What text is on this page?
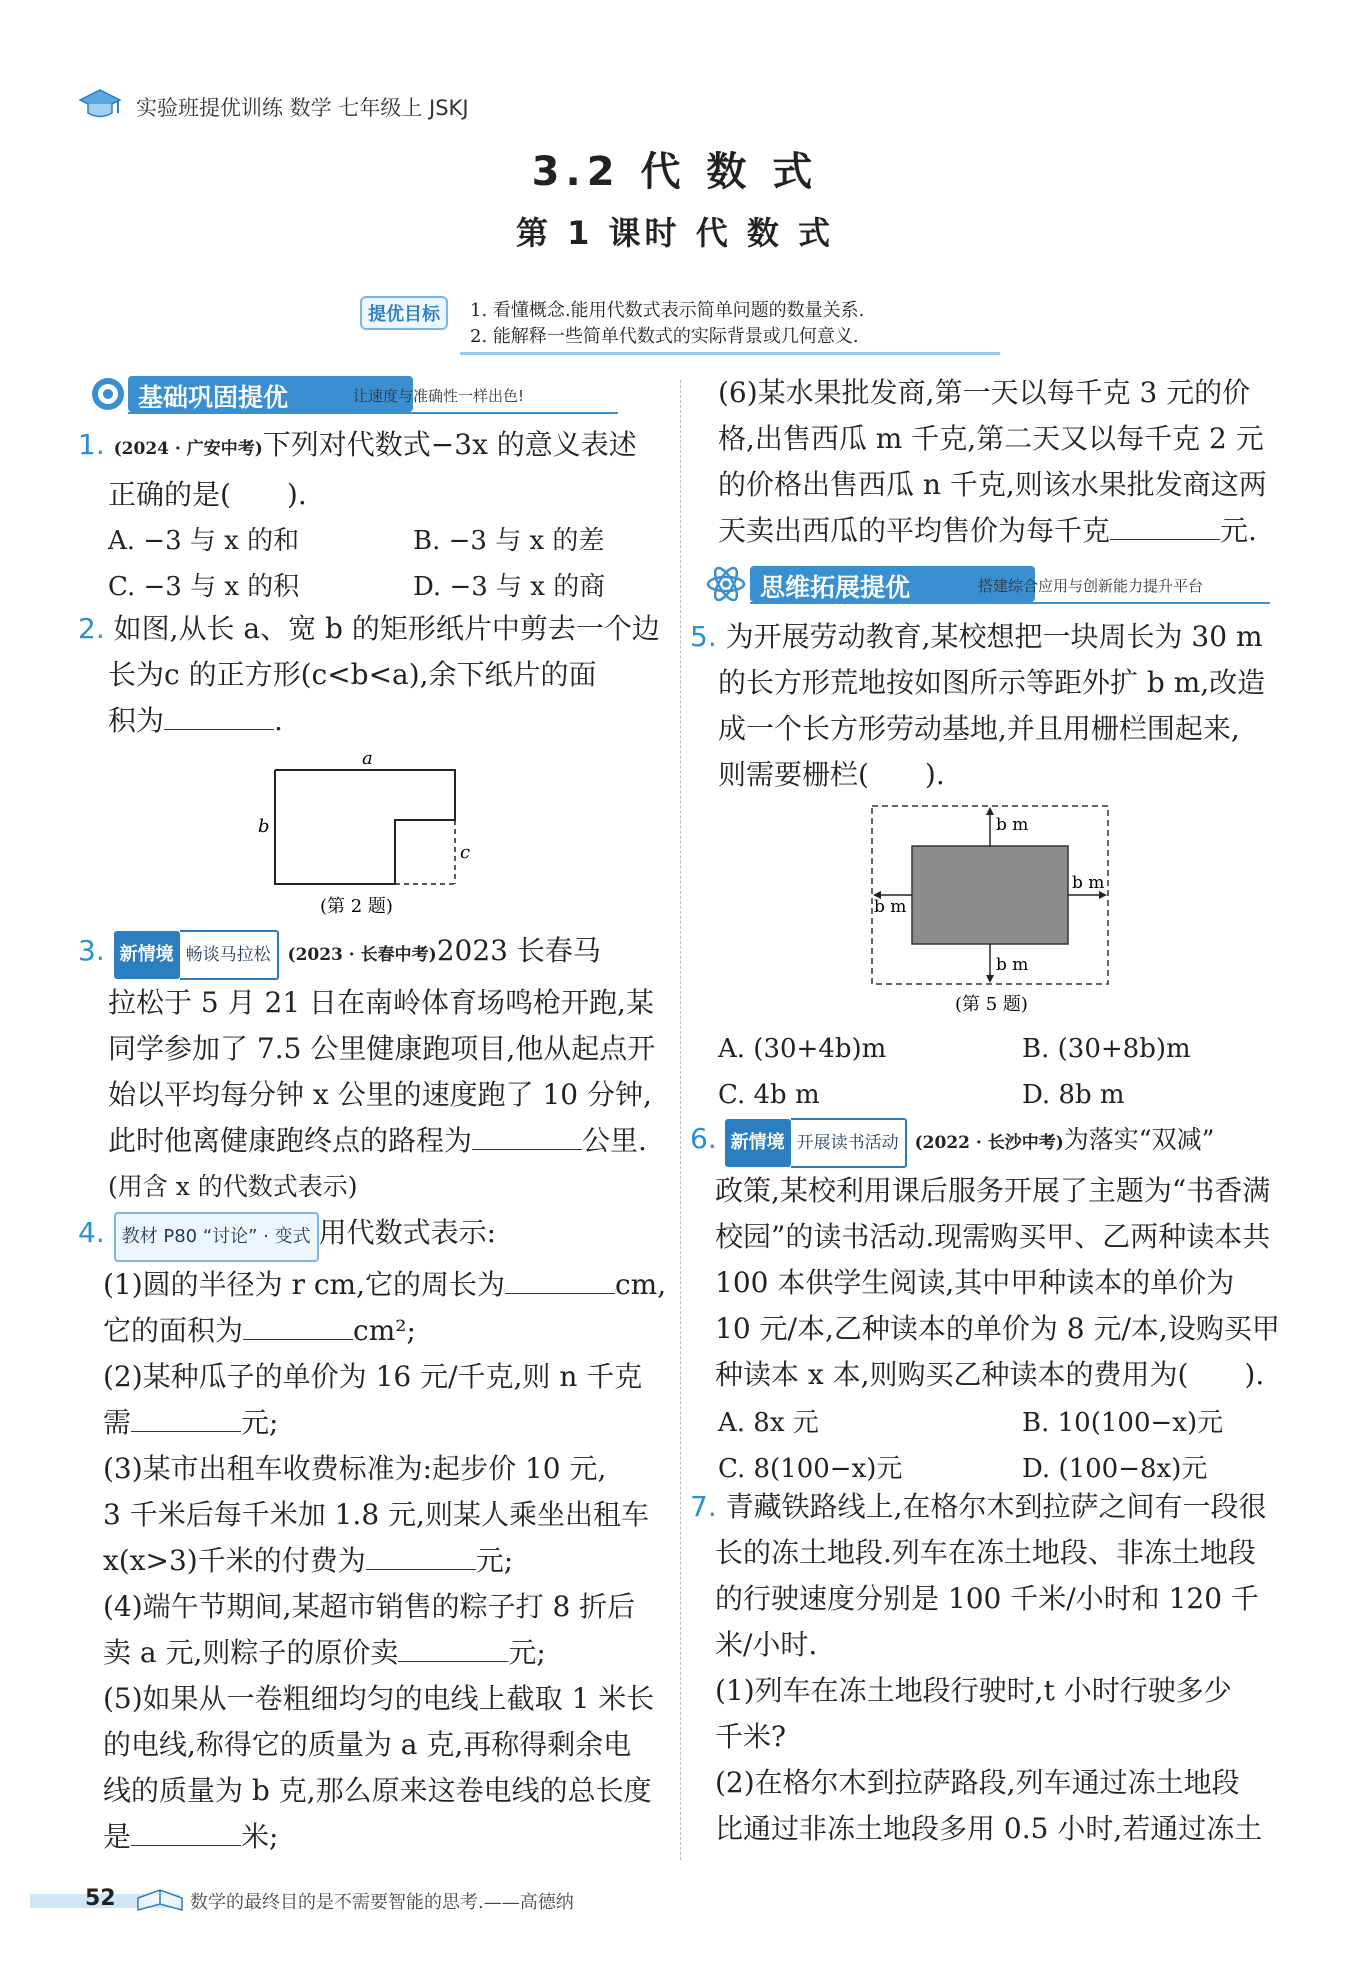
实验班提优训练 数学 七年级上 JSKJ
3.2 代 数 式
第 1 课时 代 数 式
提优目标	1. 看懂概念.能用代数式表示简单问题的数量关系.
2. 能解释一些简单代数式的实际背景或几何意义.
基础巩固提优	让速度与准确性一样出色!
1. (2024 · 广安中考)下列对代数式−3x 的意义表述
正确的是(　　).
A. −3 与 x 的和	B. −3 与 x 的差
C. −3 与 x 的积	D. −3 与 x 的商
2. 如图,从长 a、宽 b 的矩形纸片中剪去一个边
长为c 的正方形(c<b<a),余下纸片的面
积为	.
a
b
c
(第 2 题)
3. 新情境 畅谈马拉松 (2023 · 长春中考)2023 长春马
拉松于 5 月 21 日在南岭体育场鸣枪开跑,某
同学参加了 7.5 公里健康跑项目,他从起点开
始以平均每分钟 x 公里的速度跑了 10 分钟,
此时他离健康跑终点的路程为	公里.
(用含 x 的代数式表示)
4. 教材 P80 “讨论” · 变式 用代数式表示:
(1)圆的半径为 r cm,它的周长为	cm,
它的面积为	cm²;
(2)某种瓜子的单价为 16 元/千克,则 n 千克
需	元;
(3)某市出租车收费标准为:起步价 10 元,
3 千米后每千米加 1.8 元,则某人乘坐出租车
x(x>3)千米的付费为	元;
(4)端午节期间,某超市销售的粽子打 8 折后
卖 a 元,则粽子的原价卖	元;
(5)如果从一卷粗细均匀的电线上截取 1 米长
的电线,称得它的质量为 a 克,再称得剩余电
线的质量为 b 克,那么原来这卷电线的总长度
是	米;
(6)某水果批发商,第一天以每千克 3 元的价
格,出售西瓜 m 千克,第二天又以每千克 2 元
的价格出售西瓜 n 千克,则该水果批发商这两
天卖出西瓜的平均售价为每千克	元.
思维拓展提优	搭建综合应用与创新能力提升平台
5. 为开展劳动教育,某校想把一块周长为 30 m
的长方形荒地按如图所示等距外扩 b m,改造
成一个长方形劳动基地,并且用栅栏围起来,
则需要栅栏(　　).
b m
b m
b m
b m
(第 5 题)
A. (30+4b)m	B. (30+8b)m
C. 4b m	D. 8b m
6. 新情境 开展读书活动 (2022 · 长沙中考)为落实“双减”
政策,某校利用课后服务开展了主题为“书香满
校园”的读书活动.现需购买甲、乙两种读本共
100 本供学生阅读,其中甲种读本的单价为
10 元/本,乙种读本的单价为 8 元/本,设购买甲
种读本 x 本,则购买乙种读本的费用为(　　).
A. 8x 元	B. 10(100−x)元
C. 8(100−x)元	D. (100−8x)元
7. 青藏铁路线上,在格尔木到拉萨之间有一段很
长的冻土地段.列车在冻土地段、非冻土地段
的行驶速度分别是 100 千米/小时和 120 千
米/小时.
(1)列车在冻土地段行驶时,t 小时行驶多少
千米?
(2)在格尔木到拉萨路段,列车通过冻土地段
比通过非冻土地段多用 0.5 小时,若通过冻土
52	数学的最终目的是不需要智能的思考.——高德纳
